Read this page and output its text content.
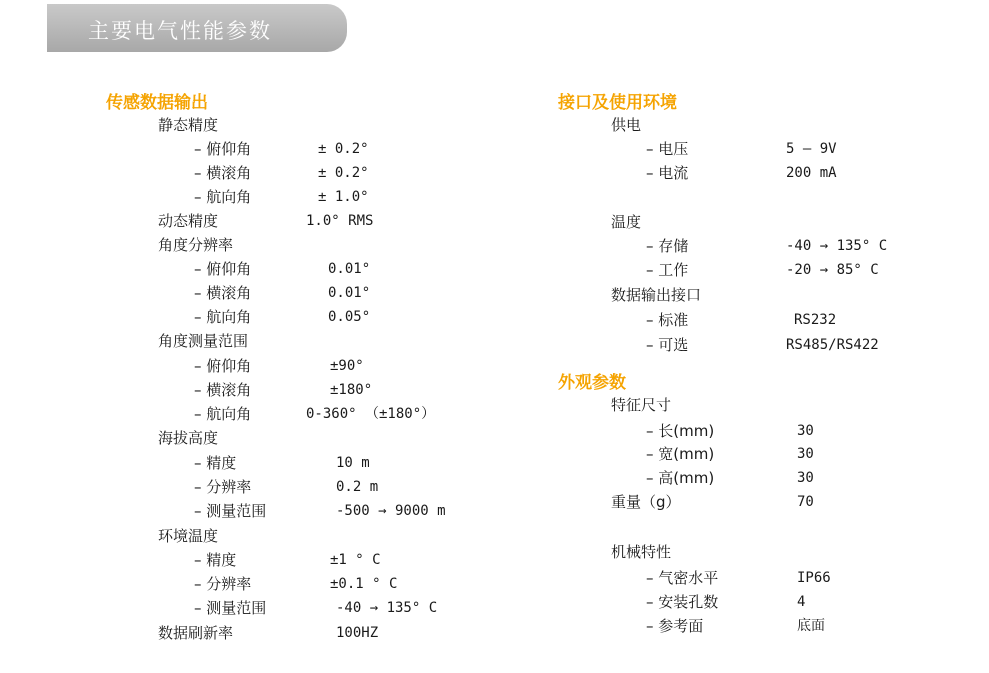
主要电气性能参数
传感数据输出	接口及使用环境
外观参数
静态精度
– 俯仰角	± 0.2°
– 横滚角	± 0.2°
– 航向角	± 1.0°
动态精度	1.0° RMS
角度分辨率
– 俯仰角	0.01°
– 横滚角	0.01°
– 航向角	0.05°
角度测量范围
– 俯仰角	±90°
– 横滚角	±180°
– 航向角	0-360° （±180°）
海拔高度
– 精度	10 m
– 分辨率	0.2 m
– 测量范围	-500 → 9000 m
环境温度
– 精度	±1 ° C
– 分辨率	±0.1 ° C
– 测量范围	-40 → 135° C
数据刷新率	100HZ
供电
– 电压	5 – 9V
– 电流	200 mA
温度
– 存储	-40 → 135° C
– 工作	-20 → 85° C
数据输出接口
– 标准	RS232
– 可选	RS485/RS422
特征尺寸
– 长(mm)	30
– 宽(mm)	30
– 高(mm)	30
重量（g）	70
机械特性
– 气密水平	IP66
– 安装孔数	4
– 参考面	底面
